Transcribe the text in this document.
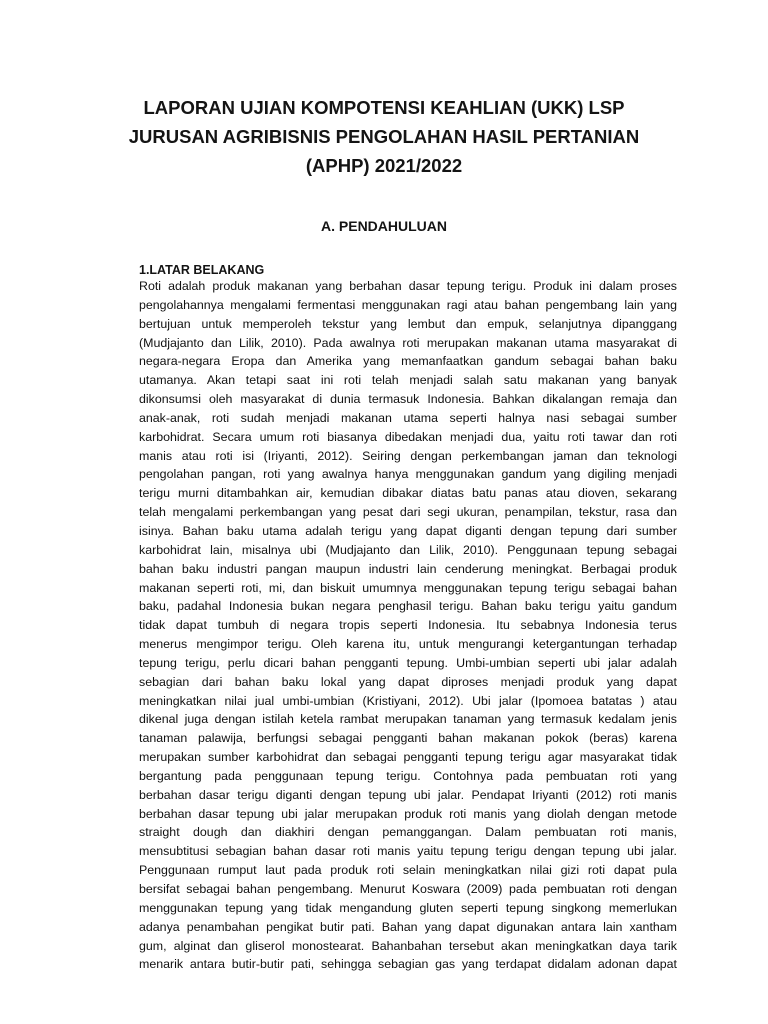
LAPORAN UJIAN KOMPOTENSI KEAHLIAN (UKK) LSP
JURUSAN AGRIBISNIS PENGOLAHAN HASIL PERTANIAN
(APHP) 2021/2022
A. PENDAHULUAN
1.LATAR BELAKANG
Roti adalah produk makanan yang berbahan dasar tepung terigu. Produk ini dalam proses
pengolahannya mengalami fermentasi menggunakan ragi atau bahan pengembang lain yang
bertujuan untuk memperoleh tekstur yang lembut dan empuk, selanjutnya dipanggang
(Mudjajanto dan Lilik, 2010). Pada awalnya roti merupakan makanan utama masyarakat di
negara-negara Eropa dan Amerika yang memanfaatkan gandum sebagai bahan baku
utamanya. Akan tetapi saat ini roti telah menjadi salah satu makanan yang banyak
dikonsumsi oleh masyarakat di dunia termasuk Indonesia. Bahkan dikalangan remaja dan
anak-anak, roti sudah menjadi makanan utama seperti halnya nasi sebagai sumber
karbohidrat. Secara umum roti biasanya dibedakan menjadi dua, yaitu roti tawar dan roti
manis atau roti isi (Iriyanti, 2012). Seiring dengan perkembangan jaman dan teknologi
pengolahan pangan, roti yang awalnya hanya menggunakan gandum yang digiling menjadi
terigu murni ditambahkan air, kemudian dibakar diatas batu panas atau dioven, sekarang
telah mengalami perkembangan yang pesat dari segi ukuran, penampilan, tekstur, rasa dan
isinya. Bahan baku utama adalah terigu yang dapat diganti dengan tepung dari sumber
karbohidrat lain, misalnya ubi (Mudjajanto dan Lilik, 2010). Penggunaan tepung sebagai
bahan baku industri pangan maupun industri lain cenderung meningkat. Berbagai produk
makanan seperti roti, mi, dan biskuit umumnya menggunakan tepung terigu sebagai bahan
baku, padahal Indonesia bukan negara penghasil terigu. Bahan baku terigu yaitu gandum
tidak dapat tumbuh di negara tropis seperti Indonesia. Itu sebabnya Indonesia terus
menerus mengimpor terigu. Oleh karena itu, untuk mengurangi ketergantungan terhadap
tepung terigu, perlu dicari bahan pengganti tepung. Umbi-umbian seperti ubi jalar adalah
sebagian dari bahan baku lokal yang dapat diproses menjadi produk yang dapat
meningkatkan nilai jual umbi-umbian (Kristiyani, 2012). Ubi jalar (Ipomoea batatas ) atau
dikenal juga dengan istilah ketela rambat merupakan tanaman yang termasuk kedalam jenis
tanaman palawija, berfungsi sebagai pengganti bahan makanan pokok (beras) karena
merupakan sumber karbohidrat dan sebagai pengganti tepung terigu agar masyarakat tidak
bergantung pada penggunaan tepung terigu. Contohnya pada pembuatan roti yang
berbahan dasar terigu diganti dengan tepung ubi jalar. Pendapat Iriyanti (2012) roti manis
berbahan dasar tepung ubi jalar merupakan produk roti manis yang diolah dengan metode
straight dough dan diakhiri dengan pemanggangan. Dalam pembuatan roti manis,
mensubtitusi sebagian bahan dasar roti manis yaitu tepung terigu dengan tepung ubi jalar.
Penggunaan rumput laut pada produk roti selain meningkatkan nilai gizi roti dapat pula
bersifat sebagai bahan pengembang. Menurut Koswara (2009) pada pembuatan roti dengan
menggunakan tepung yang tidak mengandung gluten seperti tepung singkong memerlukan
adanya penambahan pengikat butir pati. Bahan yang dapat digunakan antara lain xantham
gum, alginat dan gliserol monostearat. Bahanbahan tersebut akan meningkatkan daya tarik
menarik antara butir-butir pati, sehingga sebagian gas yang terdapat didalam adonan dapat
